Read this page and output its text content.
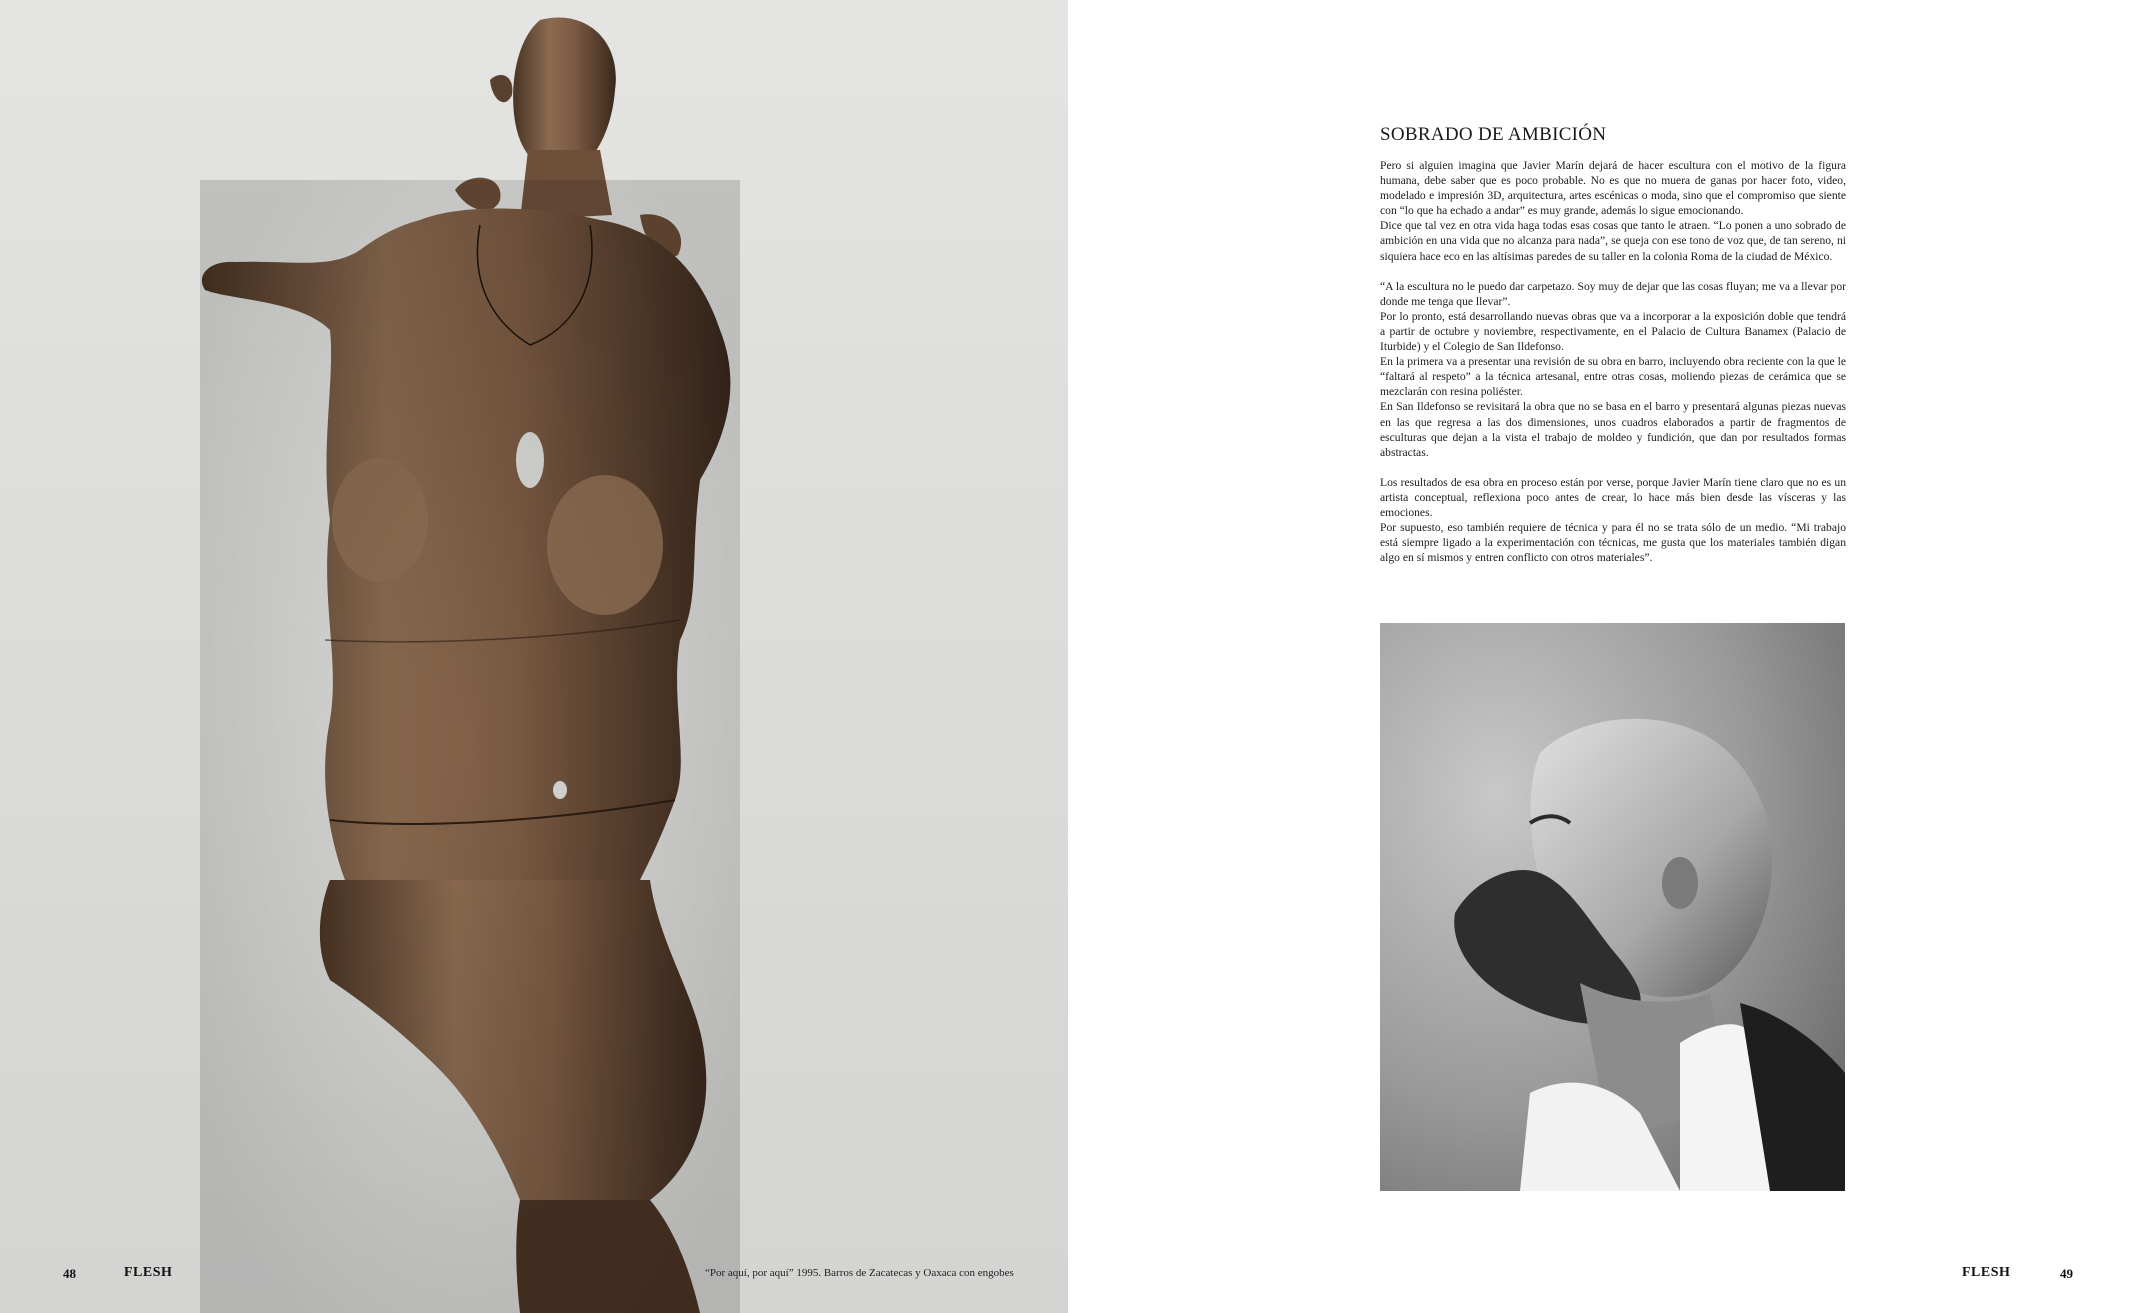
48	FLESH	“Por aquí, por aquí” 1995. Barros de Zacatecas y Oaxaca con engobes
SOBRADO DE AMBICIÓN

Pero si alguien imagina que Javier Marín dejará de hacer escultura con el motivo de la figura humana, debe saber que es poco probable. No es que no muera de ganas por hacer foto, video, modelado e impresión 3D, arquitectura, artes escénicas o moda, sino que el compromiso que siente con “lo que ha echado a andar” es muy grande, además lo sigue emocionando.

Dice que tal vez en otra vida haga todas esas cosas que tanto le atraen. “Lo ponen a uno sobrado de ambición en una vida que no alcanza para nada”, se queja con ese tono de voz que, de tan sereno, ni siquiera hace eco en las altísimas paredes de su taller en la colonia Roma de la ciudad de México.

“A la escultura no le puedo dar carpetazo. Soy muy de dejar que las cosas fluyan; me va a llevar por donde me tenga que llevar”.

Por lo pronto, está desarrollando nuevas obras que va a incorporar a la exposición doble que tendrá a partir de octubre y noviembre, respectivamente, en el Palacio de Cultura Banamex (Palacio de Iturbide) y el Colegio de San Ildefonso.

En la primera va a presentar una revisión de su obra en barro, incluyendo obra reciente con la que le “faltará al respeto” a la técnica artesanal, entre otras cosas, moliendo piezas de cerámica que se mezclarán con resina poliéster.

En San Ildefonso se revisitará la obra que no se basa en el barro y presentará algunas piezas nuevas en las que regresa a las dos dimensiones, unos cuadros elaborados a partir de fragmentos de esculturas que dejan a la vista el trabajo de moldeo y fundición, que dan por resultados formas abstractas.

Los resultados de esa obra en proceso están por verse, porque Javier Marín tiene claro que no es un artista conceptual, reflexiona poco antes de crear, lo hace más bien desde las vísceras y las emociones.

Por supuesto, eso también requiere de técnica y para él no se trata sólo de un medio. “Mi trabajo está siempre ligado a la experimentación con técnicas, me gusta que los materiales también digan algo en sí mismos y entren conflicto con otros materiales”.

FLESH	49
